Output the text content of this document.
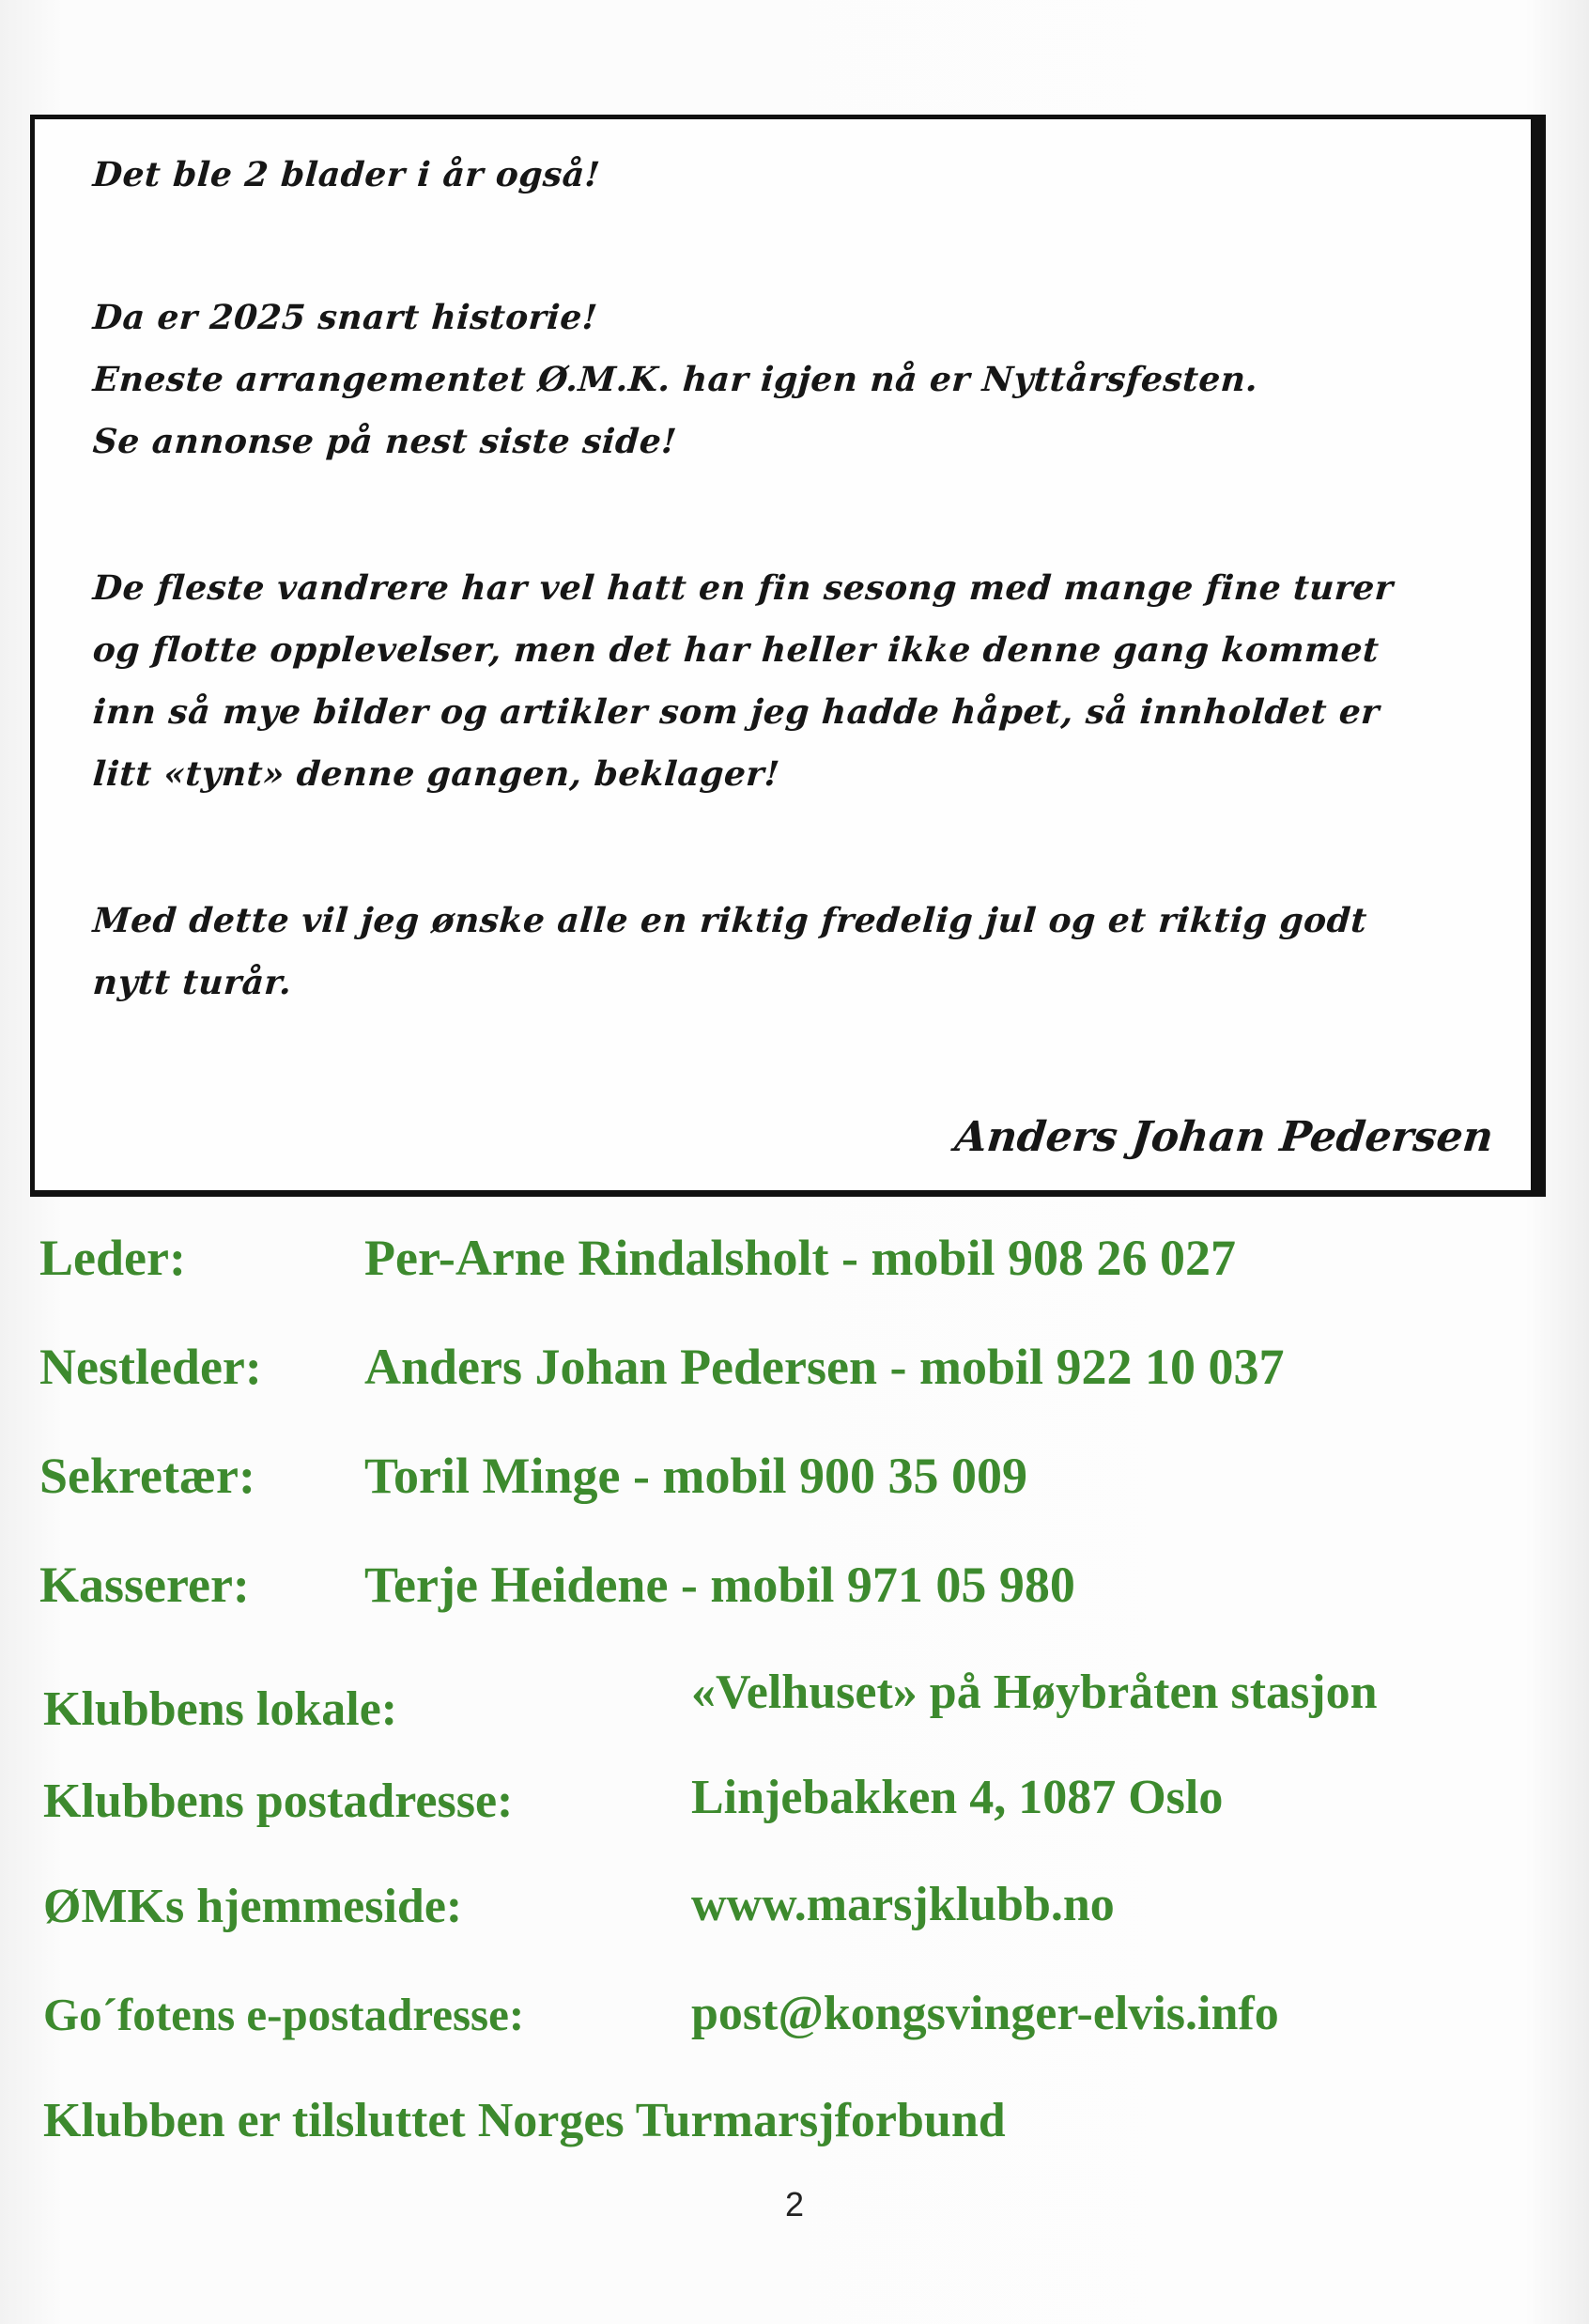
Det ble 2 blader i år også!
Da er 2025 snart historie!
Eneste arrangementet Ø.M.K. har igjen nå er Nyttårsfesten.
Se annonse på nest siste side!
De fleste vandrere har vel hatt en fin sesong med mange fine turer
og flotte opplevelser, men det har heller ikke denne gang kommet
inn så mye bilder og artikler som jeg hadde håpet, så innholdet er
litt «tynt» denne gangen, beklager!
Med dette vil jeg ønske alle en riktig fredelig jul og et riktig godt
nytt turår.
Anders Johan Pedersen
Leder:	Per-Arne Rindalsholt - mobil 908 26 027
Nestleder: Anders Johan Pedersen - mobil 922 10 037
Sekretær: Toril Minge - mobil 900 35 009
Kasserer: Terje Heidene - mobil 971 05 980
Klubbens lokale:	«Velhuset» på Høybråten stasjon
Klubbens postadresse:	Linjebakken 4, 1087 Oslo
ØMKs hjemmeside:	www.marsjklubb.no
Go´fotens e-postadresse:	post@kongsvinger-elvis.info
Klubben er tilsluttet Norges Turmarsjforbund
2
